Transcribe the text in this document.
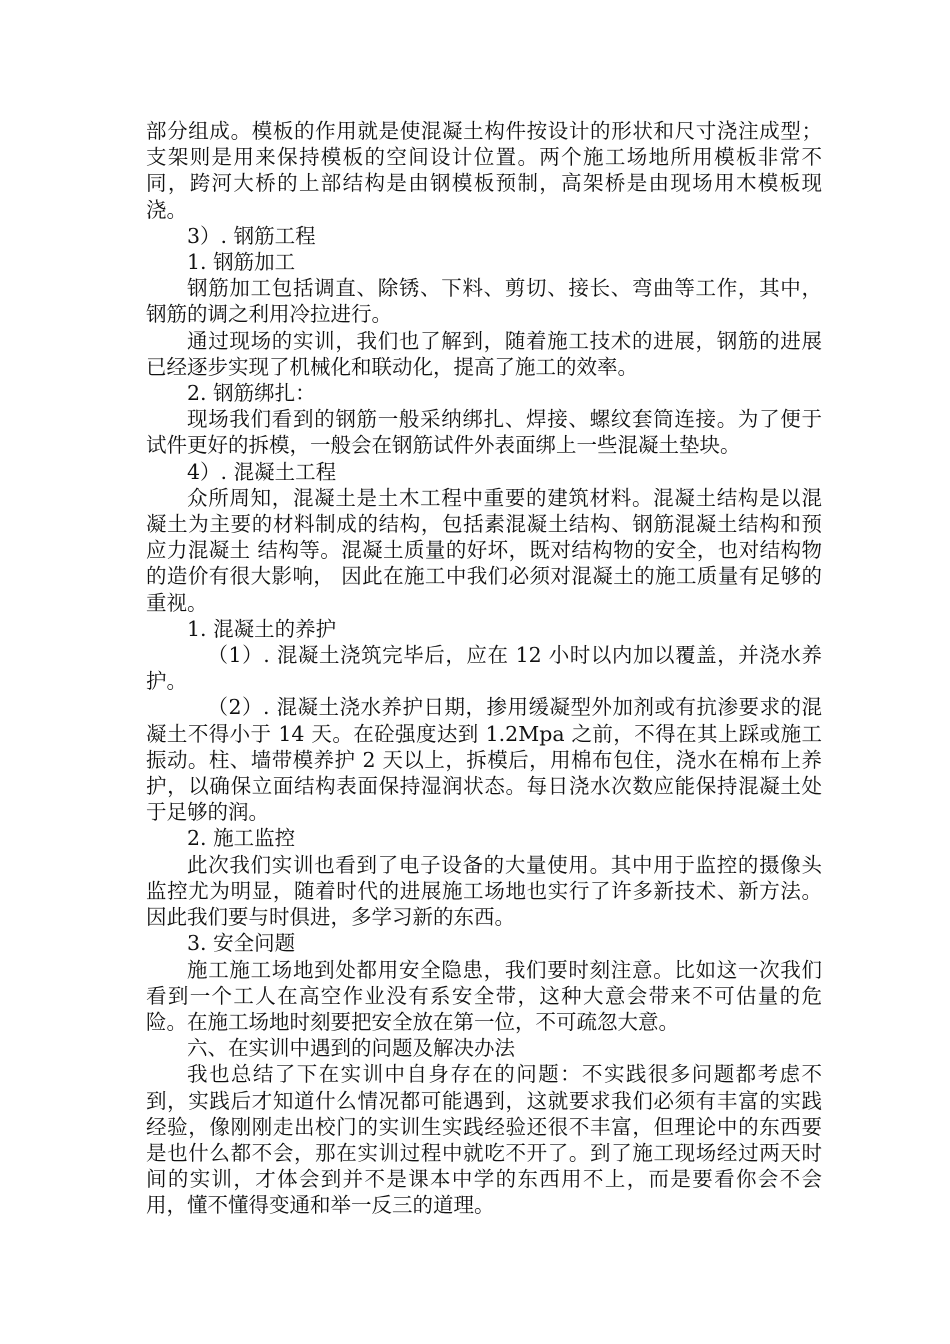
部分组成。模板的作用就是使混凝土构件按设计的形状和尺寸浇注成型；支架则是用来保持模板的空间设计位置。两个施工场地所用模板非常不同，跨河大桥的上部结构是由钢模板预制，高架桥是由现场用木模板现浇。

3）. 钢筋工程

1. 钢筋加工

钢筋加工包括调直、除锈、下料、剪切、接长、弯曲等工作，其中，钢筋的调之利用冷拉进行。

通过现场的实训，我们也了解到，随着施工技术的进展，钢筋的进展已经逐步实现了机械化和联动化，提高了施工的效率。

2. 钢筋绑扎：

现场我们看到的钢筋一般采纳绑扎、焊接、螺纹套筒连接。为了便于试件更好的拆模，一般会在钢筋试件外表面绑上一些混凝土垫块。

4）. 混凝土工程

众所周知，混凝土是土木工程中重要的建筑材料。混凝土结构是以混凝土为主要的材料制成的结构，包括素混凝土结构、钢筋混凝土结构和预应力混凝土 结构等。混凝土质量的好坏，既对结构物的安全，也对结构物的造价有很大影响， 因此在施工中我们必须对混凝土的施工质量有足够的重视。

1. 混凝土的养护

（1）. 混凝土浇筑完毕后，应在 12 小时以内加以覆盖，并浇水养护。

（2）. 混凝土浇水养护日期，掺用缓凝型外加剂或有抗渗要求的混凝土不得小于 14 天。在砼强度达到 1.2Mpa 之前，不得在其上踩或施工振动。柱、墙带模养护 2 天以上，拆模后，用棉布包住，浇水在棉布上养护，以确保立面结构表面保持湿润状态。每日浇水次数应能保持混凝土处于足够的润。

2. 施工监控

此次我们实训也看到了电子设备的大量使用。其中用于监控的摄像头监控尤为明显，随着时代的进展施工场地也实行了许多新技术、新方法。因此我们要与时俱进，多学习新的东西。

3. 安全问题

施工施工场地到处都用安全隐患，我们要时刻注意。比如这一次我们看到一个工人在高空作业没有系安全带，这种大意会带来不可估量的危险。在施工场地时刻要把安全放在第一位，不可疏忽大意。

六、在实训中遇到的问题及解决办法

我也总结了下在实训中自身存在的问题：不实践很多问题都考虑不到，实践后才知道什么情况都可能遇到，这就要求我们必须有丰富的实践经验，像刚刚走出校门的实训生实践经验还很不丰富，但理论中的东西要是也什么都不会，那在实训过程中就吃不开了。到了施工现场经过两天时间的实训，才体会到并不是课本中学的东西用不上，而是要看你会不会用，懂不懂得变通和举一反三的道理。
